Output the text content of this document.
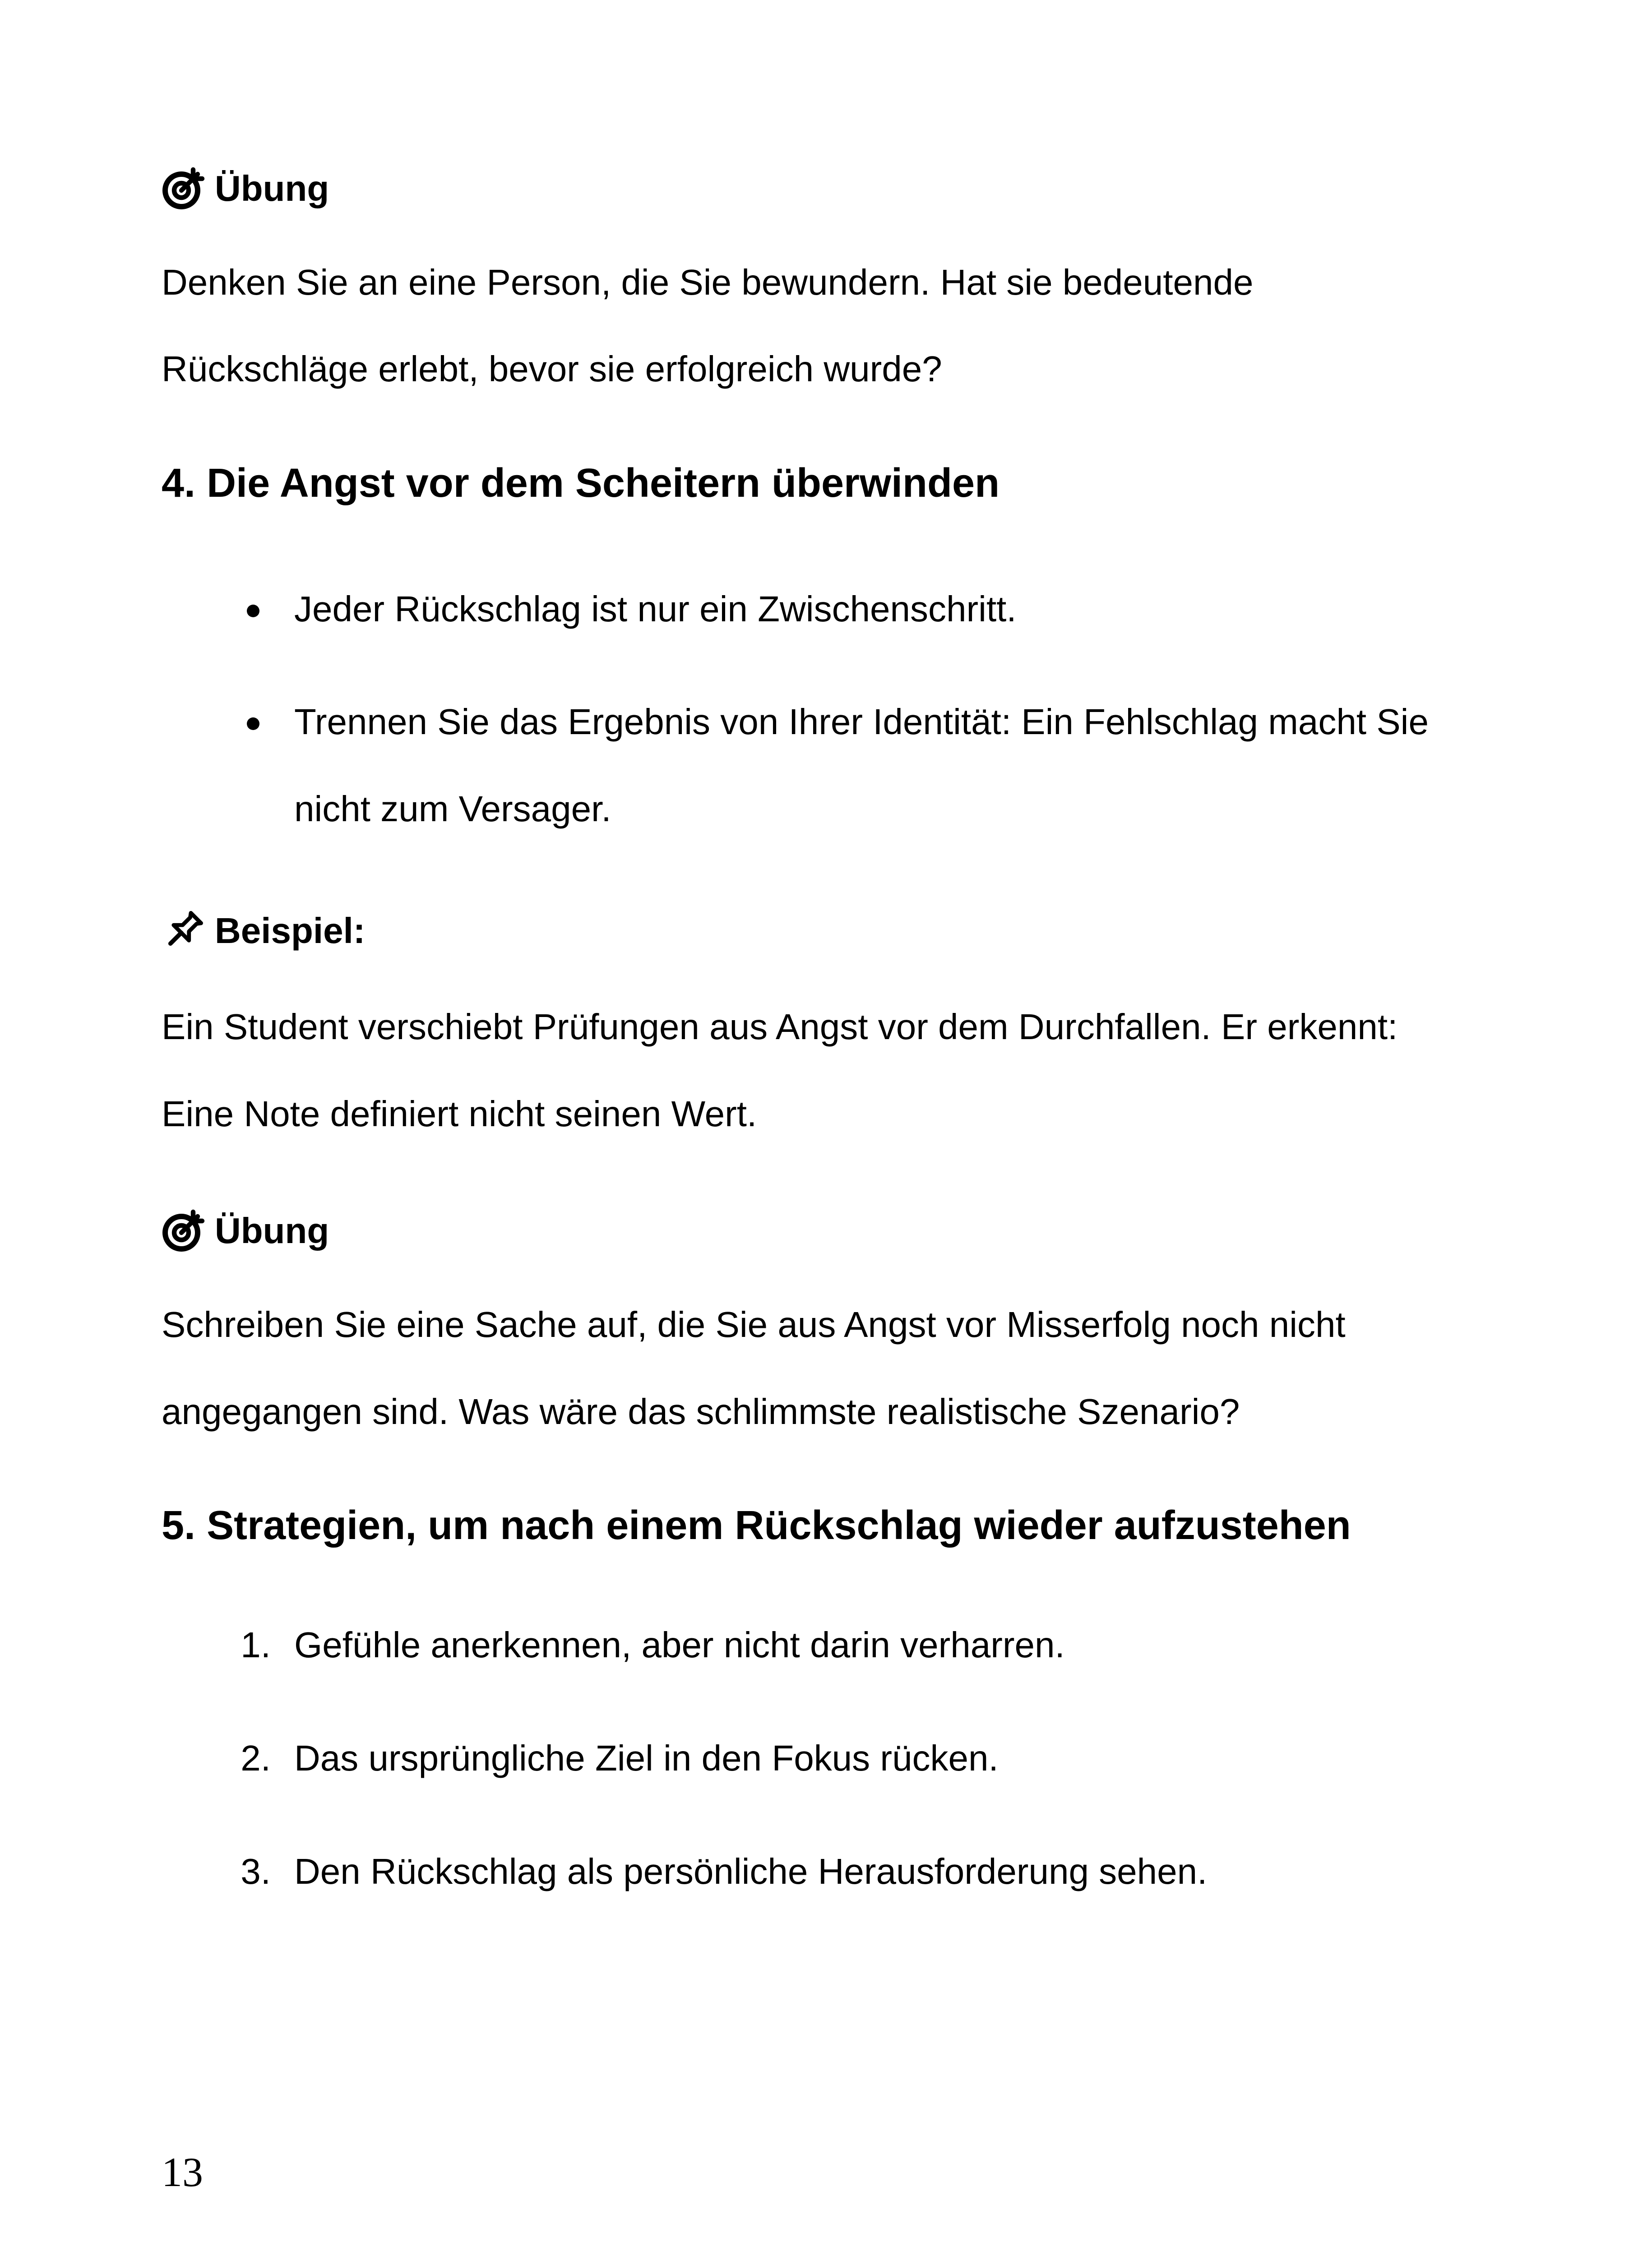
Übung
Denken Sie an eine Person, die Sie bewundern. Hat sie bedeutende
Rückschläge erlebt, bevor sie erfolgreich wurde?
4. Die Angst vor dem Scheitern überwinden
Jeder Rückschlag ist nur ein Zwischenschritt.
Trennen Sie das Ergebnis von Ihrer Identität: Ein Fehlschlag macht Sie
nicht zum Versager.
Beispiel:
Ein Student verschiebt Prüfungen aus Angst vor dem Durchfallen. Er erkennt:
Eine Note definiert nicht seinen Wert.
Übung
Schreiben Sie eine Sache auf, die Sie aus Angst vor Misserfolg noch nicht
angegangen sind. Was wäre das schlimmste realistische Szenario?
5. Strategien, um nach einem Rückschlag wieder aufzustehen
1. Gefühle anerkennen, aber nicht darin verharren.
2. Das ursprüngliche Ziel in den Fokus rücken.
3. Den Rückschlag als persönliche Herausforderung sehen.
13
